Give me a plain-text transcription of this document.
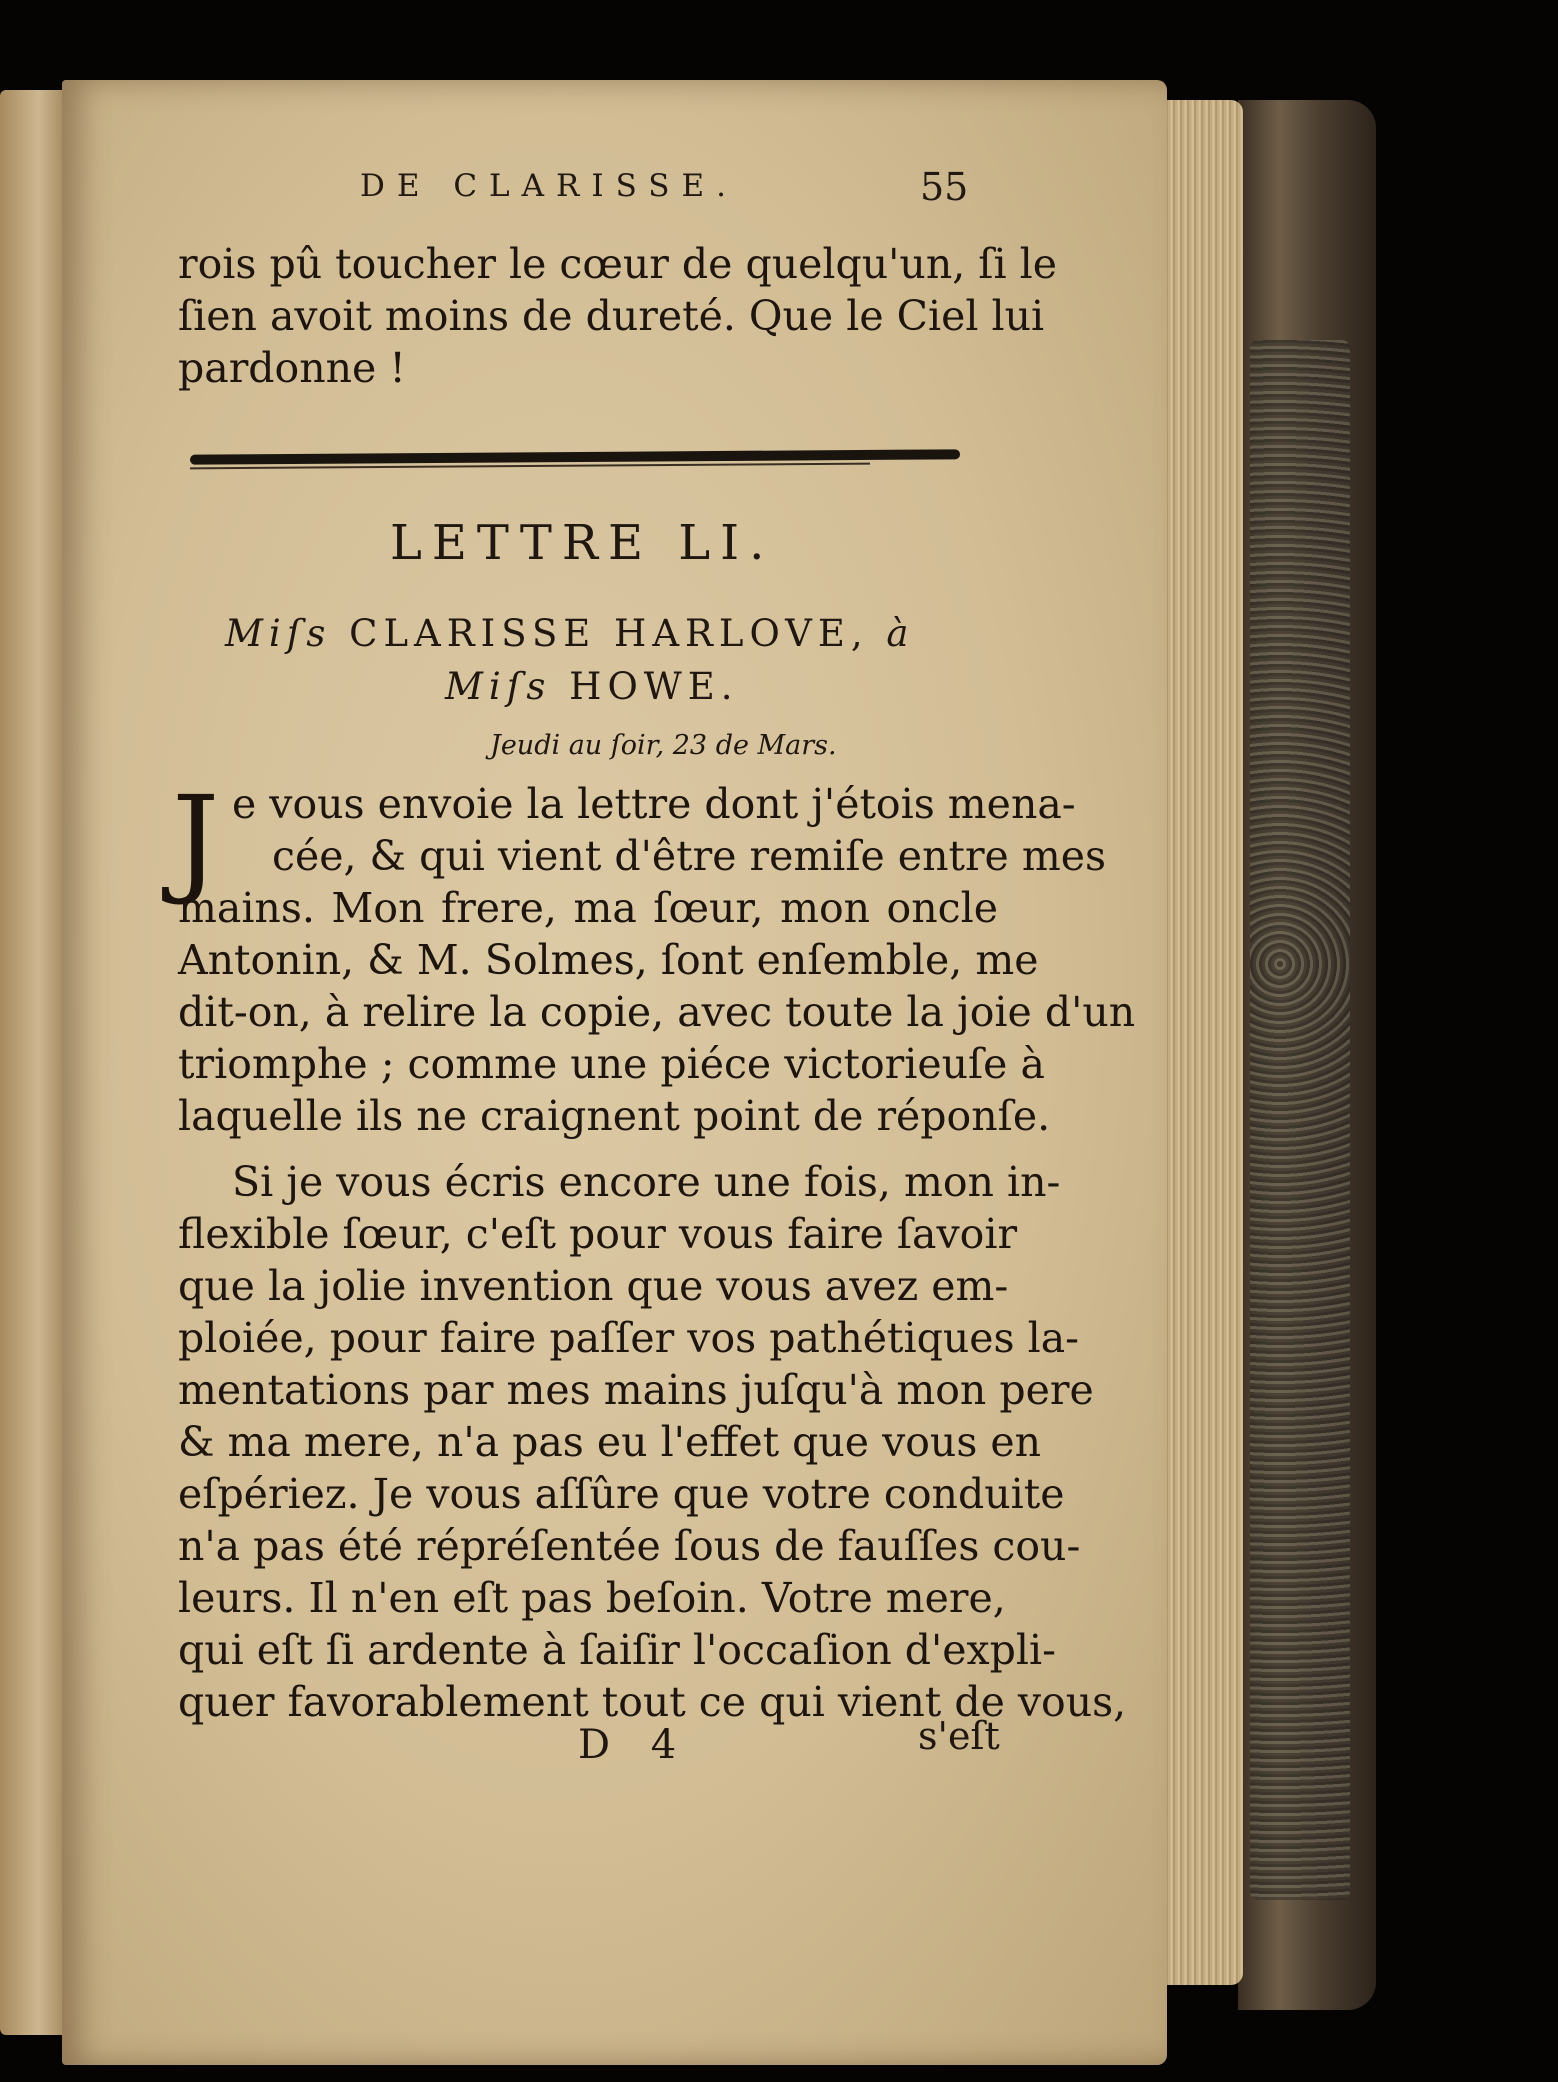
DE CLARISSE.	55
rois pû toucher le cœur de quelqu'un, ſi le
ſien avoit moins de dureté. Que le Ciel lui
pardonne !
LETTRE LI.
Miſs CLARISSE HARLOVE, à
Miſs HOWE.
Jeudi au ſoir, 23 de Mars.
J e vous envoie la lettre dont j'étois mena-
cée, & qui vient d'être remiſe entre mes
mains. Mon frere, ma ſœur, mon oncle
Antonin, & M. Solmes, ſont enſemble, me
dit-on, à relire la copie, avec toute la joie d'un
triomphe ; comme une piéce victorieuſe à
laquelle ils ne craignent point de réponſe.
Si je vous écris encore une fois, mon in-
flexible ſœur, c'eſt pour vous faire ſavoir
que la jolie invention que vous avez em-
ploiée, pour faire paſſer vos pathétiques la-
mentations par mes mains juſqu'à mon pere
& ma mere, n'a pas eu l'effet que vous en
eſpériez. Je vous aſſûre que votre conduite
n'a pas été répréſentée ſous de fauſſes cou-
leurs. Il n'en eſt pas beſoin. Votre mere,
qui eſt ſi ardente à ſaiſir l'occaſion d'expli-
quer favorablement tout ce qui vient de vous,
D 4	s'eſt
